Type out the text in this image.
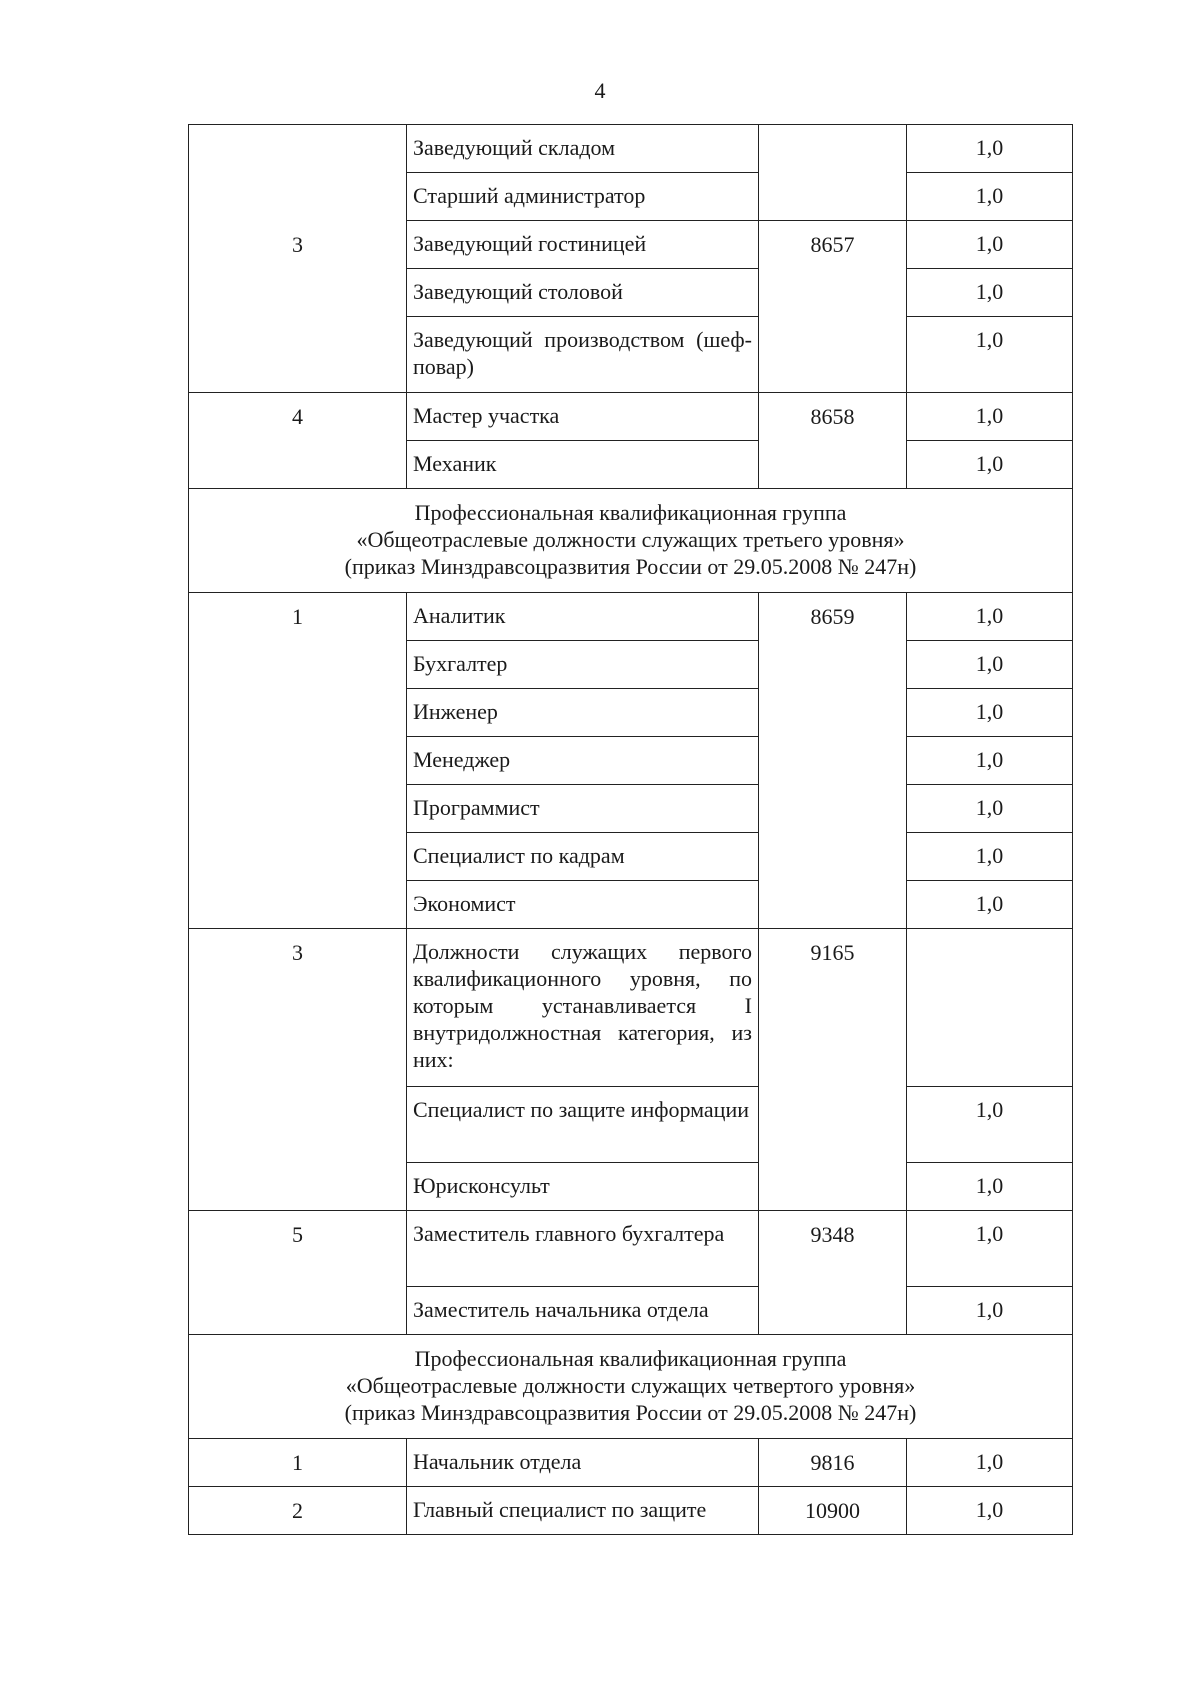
4

	Заведующий складом		1,0

	Старший администратор		1,0

3	Заведующий гостиницей	8657	1,0

	Заведующий столовой		1,0

	Заведующий производством (шеф-повар)		1,0

4	Мастер участка	8658	1,0

	Механик		1,0

Профессиональная квалификационная группа
«Общеотраслевые должности служащих третьего уровня»
(приказ Минздравсоцразвития России от 29.05.2008 № 247н)			

1	Аналитик	8659	1,0

	Бухгалтер		1,0

	Инженер		1,0

	Менеджер		1,0

	Программист		1,0

	Специалист по кадрам		1,0

	Экономист		1,0

3	Должности служащих первого квалификационного уровня, по которым устанавливается I внутридолжностная категория, из них:	9165	

	Специалист по защите информации		1,0

	Юрисконсульт		1,0

5	Заместитель главного бухгалтера	9348	1,0

	Заместитель начальника отдела		1,0

Профессиональная квалификационная группа
«Общеотраслевые должности служащих четвертого уровня»
(приказ Минздравсоцразвития России от 29.05.2008 № 247н)			

1	Начальник отдела	9816	1,0

2	Главный специалист по защите	10900	1,0
